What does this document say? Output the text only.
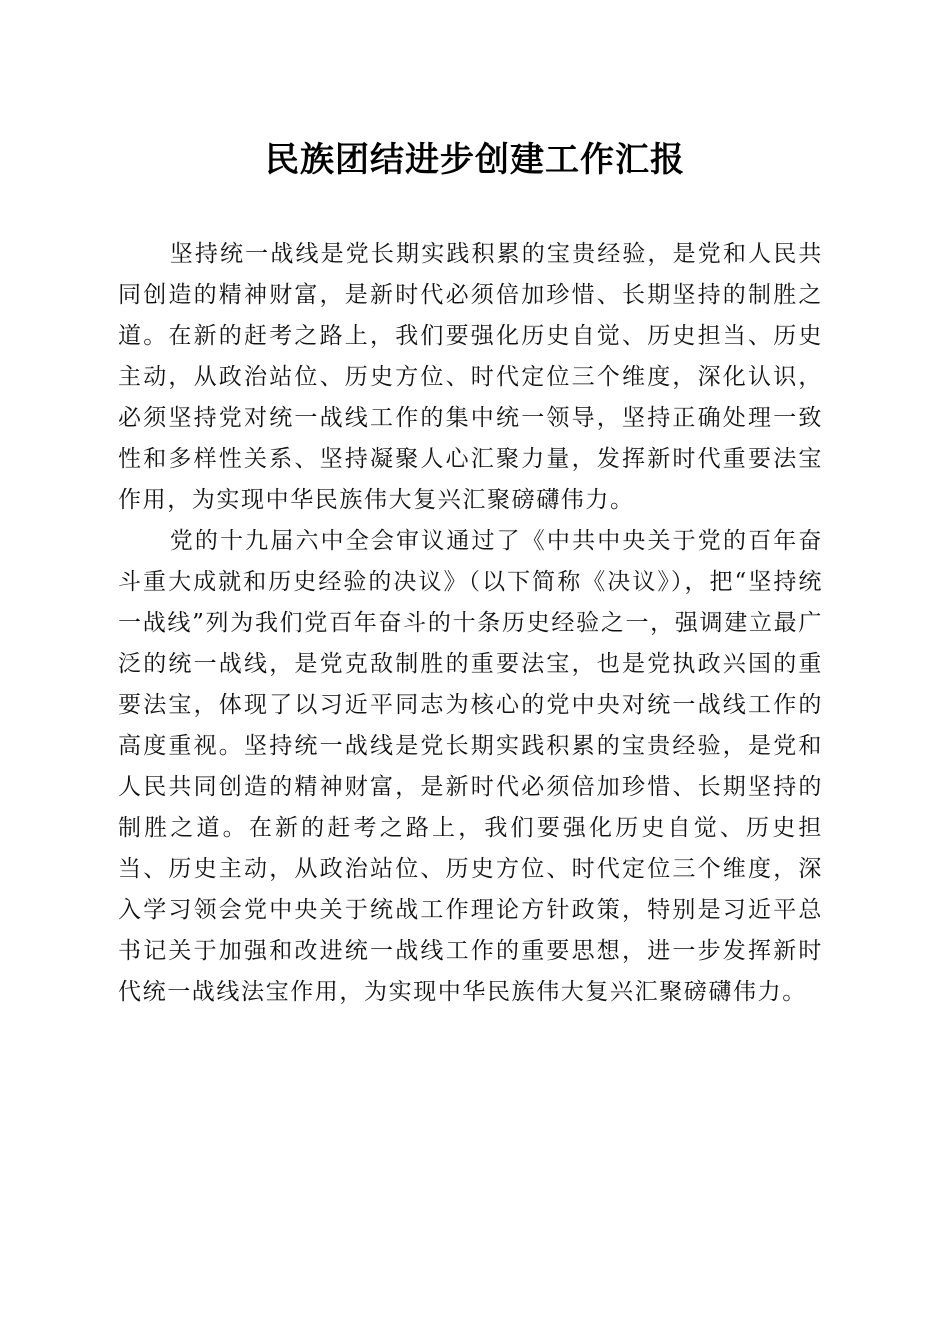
民族团结进步创建工作汇报

坚持统一战线是党长期实践积累的宝贵经验，是党和人民共同创造的精神财富，是新时代必须倍加珍惜、长期坚持的制胜之道。在新的赶考之路上，我们要强化历史自觉、历史担当、历史主动，从政治站位、历史方位、时代定位三个维度，深化认识，必须坚持党对统一战线工作的集中统一领导，坚持正确处理一致性和多样性关系、坚持凝聚人心汇聚力量，发挥新时代重要法宝作用，为实现中华民族伟大复兴汇聚磅礴伟力。

党的十九届六中全会审议通过了《中共中央关于党的百年奋斗重大成就和历史经验的决议》（以下简称《决议》），把“坚持统一战线”列为我们党百年奋斗的十条历史经验之一，强调建立最广泛的统一战线，是党克敌制胜的重要法宝，也是党执政兴国的重要法宝，体现了以习近平同志为核心的党中央对统一战线工作的高度重视。坚持统一战线是党长期实践积累的宝贵经验，是党和人民共同创造的精神财富，是新时代必须倍加珍惜、长期坚持的制胜之道。在新的赶考之路上，我们要强化历史自觉、历史担当、历史主动，从政治站位、历史方位、时代定位三个维度，深入学习领会党中央关于统战工作理论方针政策，特别是习近平总书记关于加强和改进统一战线工作的重要思想，进一步发挥新时代统一战线法宝作用，为实现中华民族伟大复兴汇聚磅礴伟力。
